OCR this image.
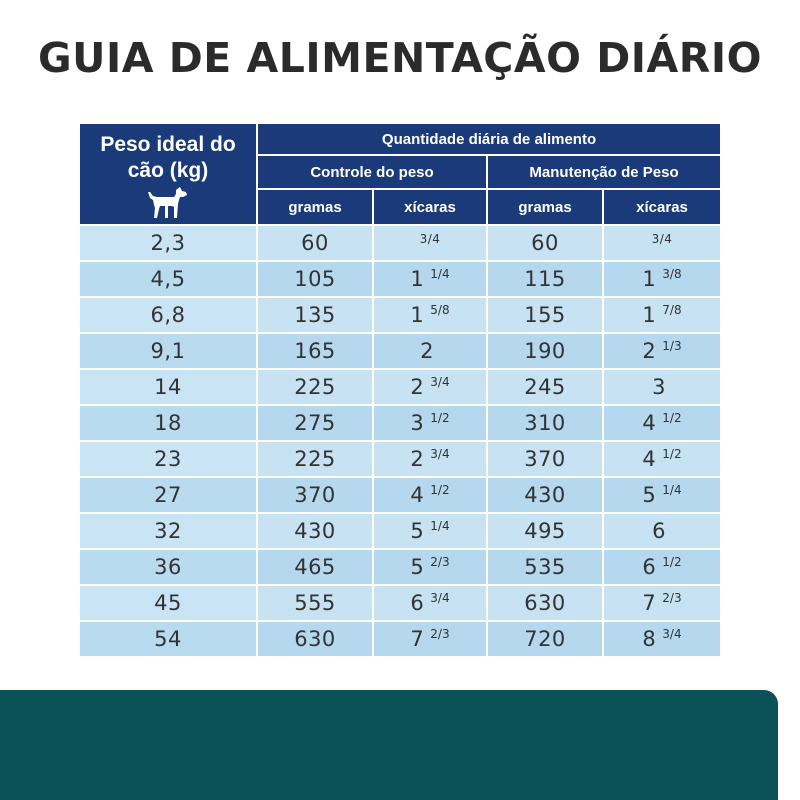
GUIA DE ALIMENTAÇÃO DIÁRIO
Peso ideal do cão (kg)	Quantidade diária de alimento			
	Controle do peso		Manutenção de Peso	
	gramas	xícaras	gramas	xícaras
2,3	60	$^{3/4}$	60	$^{3/4}$
4,5	105	1 $^{1/4}$	115	1 $^{3/8}$
6,8	135	1 $^{5/8}$	155	1 $^{7/8}$
9,1	165	2	190	2 $^{1/3}$
14	225	2 $^{3/4}$	245	3
18	275	3 $^{1/2}$	310	4 $^{1/2}$
23	225	2 $^{3/4}$	370	4 $^{1/2}$
27	370	4 $^{1/2}$	430	5 $^{1/4}$
32	430	5 $^{1/4}$	495	6
36	465	5 $^{2/3}$	535	6 $^{1/2}$
45	555	6 $^{3/4}$	630	7 $^{2/3}$
54	630	7 $^{2/3}$	720	8 $^{3/4}$
